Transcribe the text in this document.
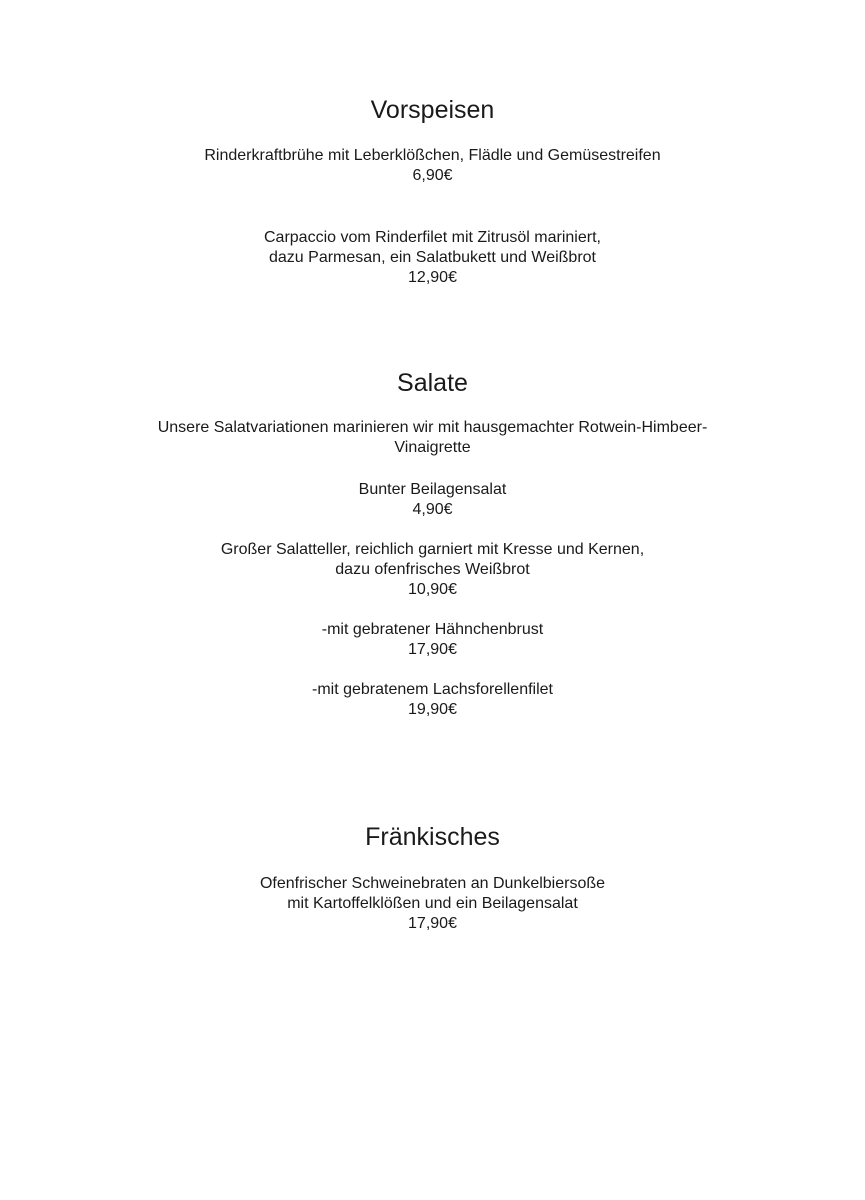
Vorspeisen

Rinderkraftbrühe mit Leberklößchen, Flädle und Gemüsestreifen

6,90€

Carpaccio vom Rinderfilet mit Zitrusöl mariniert,

dazu Parmesan, ein Salatbukett und Weißbrot

12,90€

Salate

Unsere Salatvariationen marinieren wir mit hausgemachter Rotwein-Himbeer-

Vinaigrette

Bunter Beilagensalat

4,90€

Großer Salatteller, reichlich garniert mit Kresse und Kernen,

dazu ofenfrisches Weißbrot

10,90€

-mit gebratener Hähnchenbrust

17,90€

-mit gebratenem Lachsforellenfilet

19,90€

Fränkisches

Ofenfrischer Schweinebraten an Dunkelbiersoße

mit Kartoffelklößen und ein Beilagensalat

17,90€
